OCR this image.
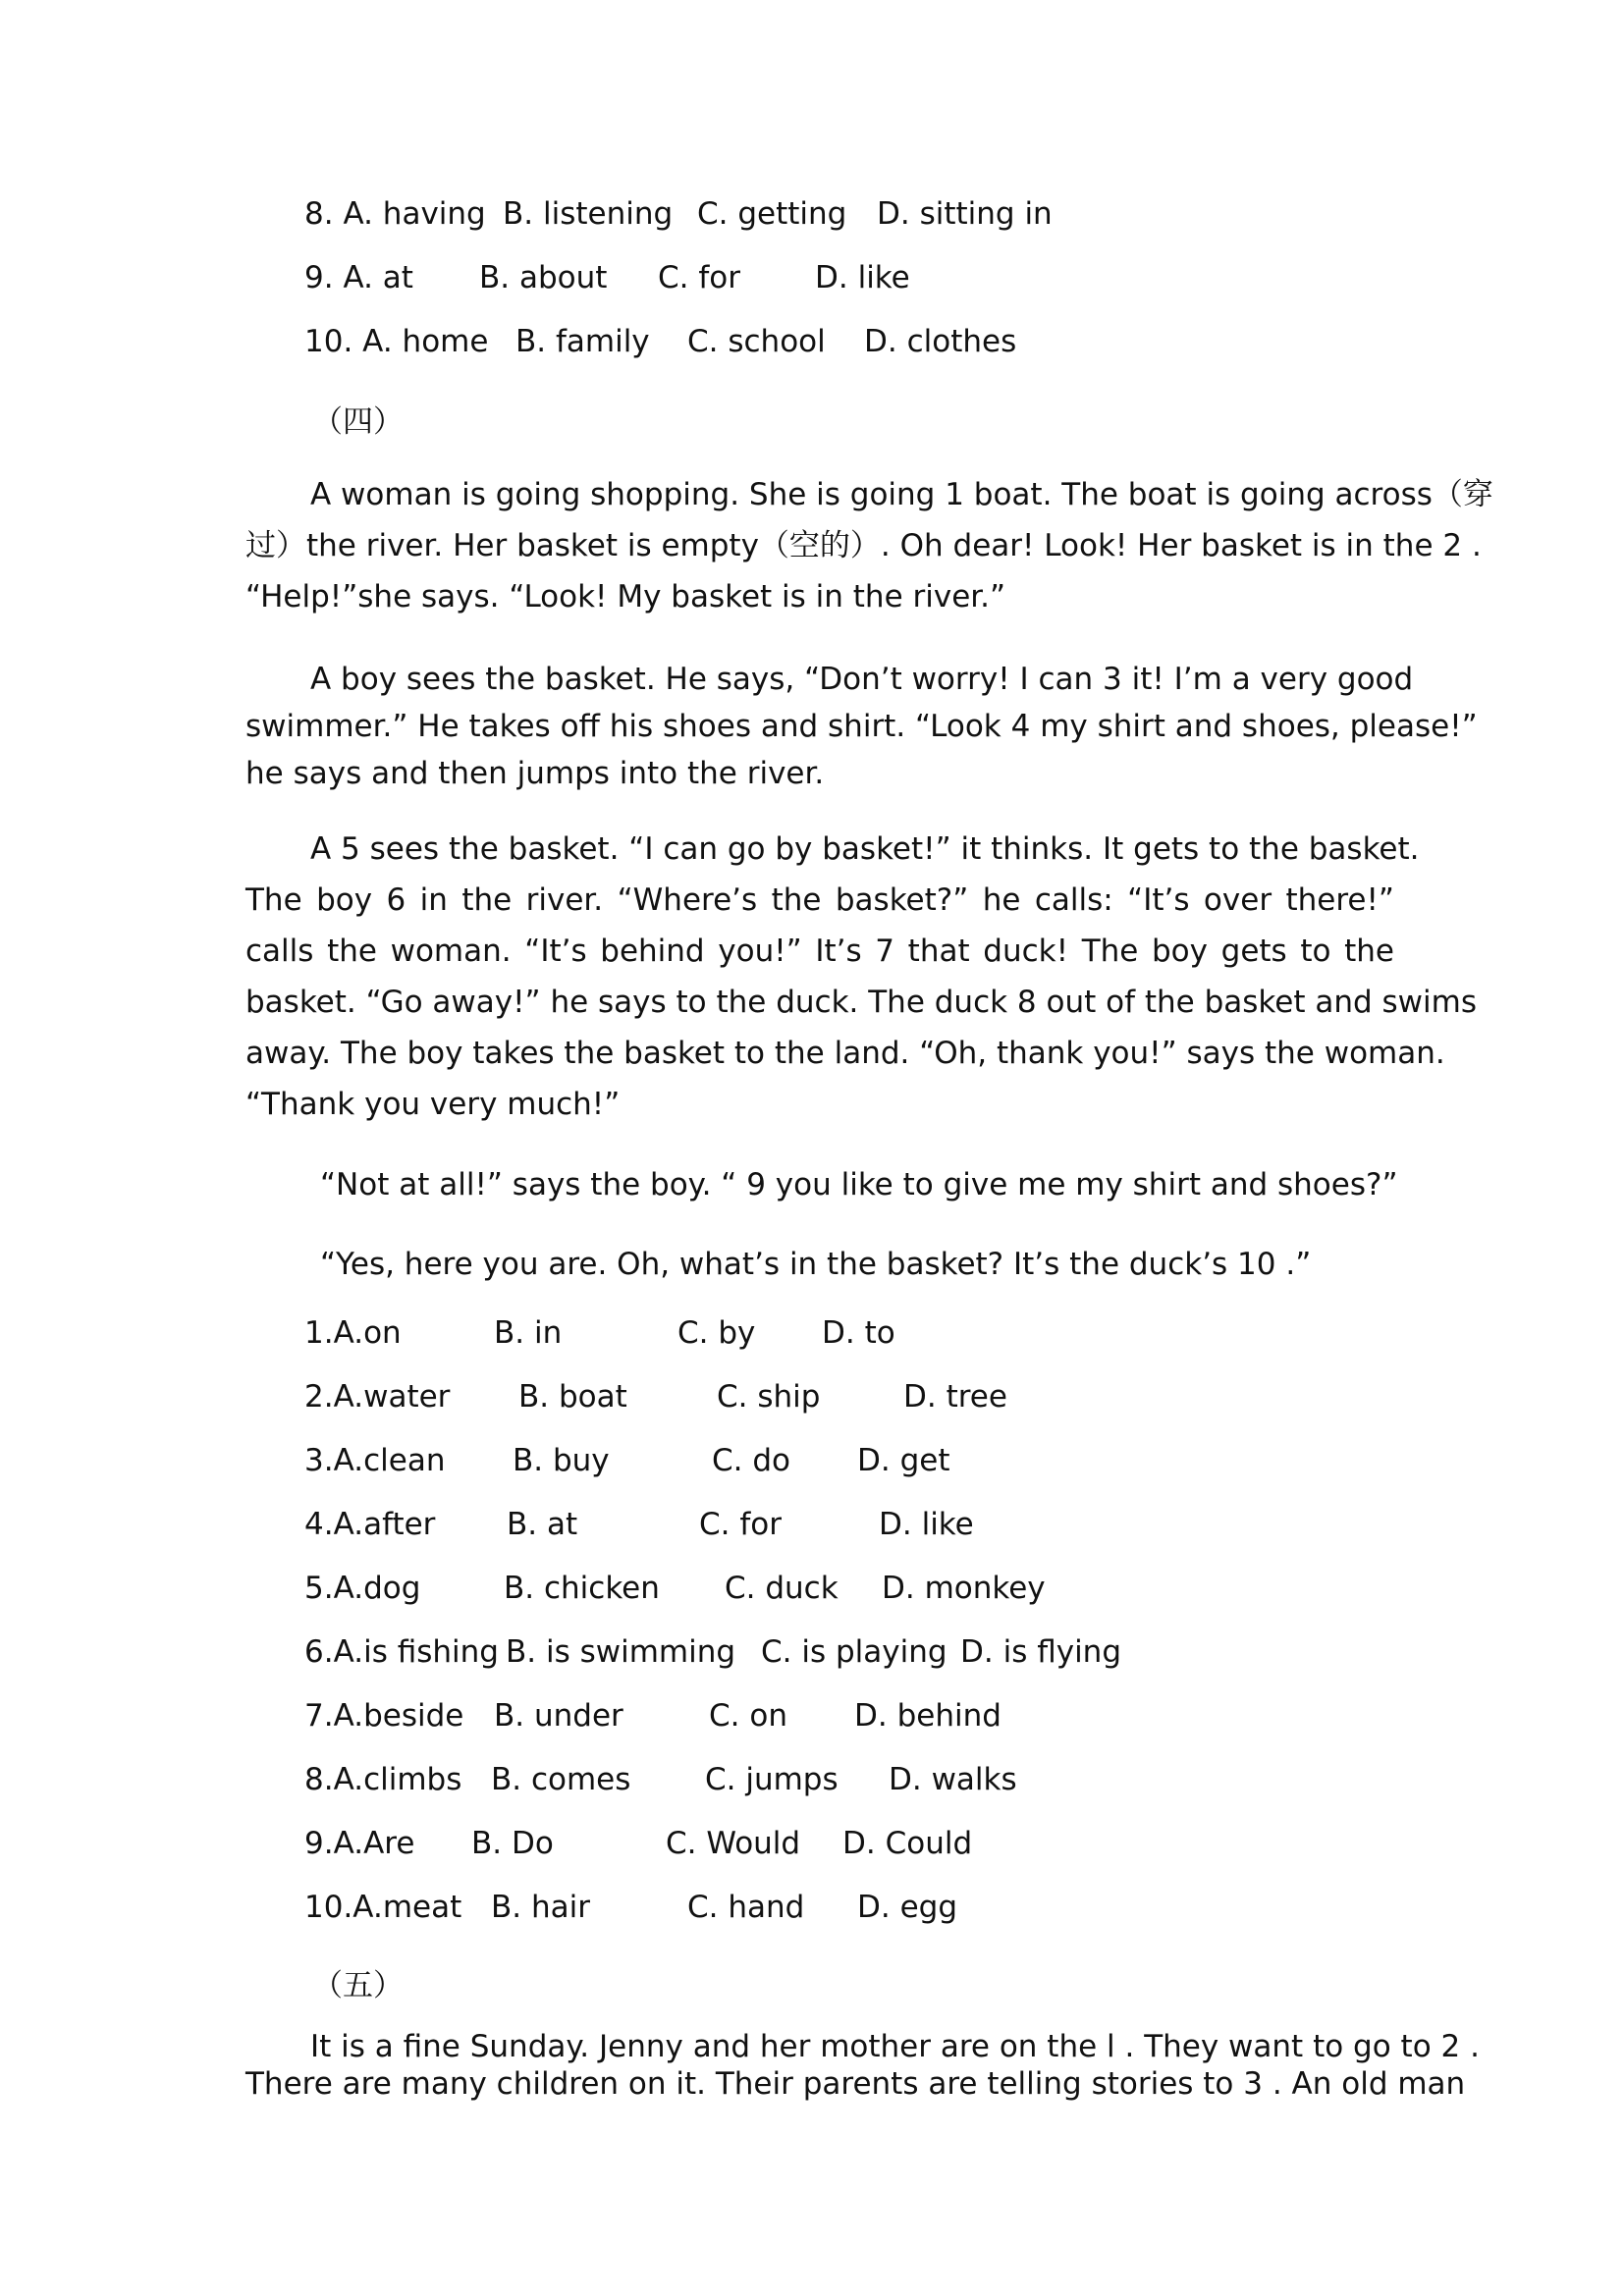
8. A. having B. listening C. getting D. sitting in
9. A. at B. about C. for D. like
10. A. home B. family C. school D. clothes
（四）
A woman is going shopping. She is going 1 boat. The boat is going across（穿
过）the river. Her basket is empty（空的）. Oh dear! Look! Her basket is in the 2 .
“Help!”she says. “Look! My basket is in the river.”
A boy sees the basket. He says, “Don’t worry! I can 3 it! I’m a very good
swimmer.” He takes off his shoes and shirt. “Look 4 my shirt and shoes, please!”
he says and then jumps into the river.
A 5 sees the basket. “I can go by basket!” it thinks. It gets to the basket.
The boy 6 in the river. “Where’s the basket?” he calls: “It’s over there!”
calls the woman. “It’s behind you!” It’s 7 that duck! The boy gets to the
basket. “Go away!” he says to the duck. The duck 8 out of the basket and swims
away. The boy takes the basket to the land. “Oh, thank you!” says the woman.
“Thank you very much!”
“Not at all!” says the boy. “ 9 you like to give me my shirt and shoes?”
“Yes, here you are. Oh, what’s in the basket? It’s the duck’s 10 .”
1.A.on	B. in	C. by D. to
2.A.water B. boat	C. ship	D. tree
3.A.clean B. buy	C. do D. get
4.A.after B. at	C. for	D. like
5.A.dog	B. chicken C. duck D. monkey
6.A.is fishing B. is swimming C. is playing D. is flying
7.A.beside B. under	C. on D. behind
8.A.climbs B. comes C. jumps D. walks
9.A.Are B. Do	C. Would D. Could
10.A.meat B. hair	C. hand D. egg
（五）
It is a fine Sunday. Jenny and her mother are on the l . They want to go to 2 .
There are many children on it. Their parents are telling stories to 3 . An old man
